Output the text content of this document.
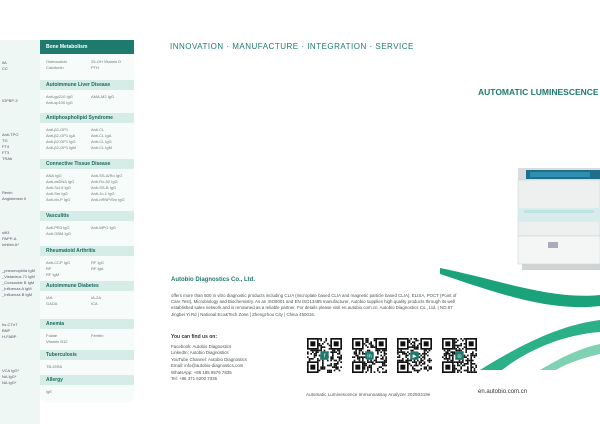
lIA
CC
IGFBP-3
Anti-TPO
TG
FT4
FT3
TRAb
Renin
Angiotensin II
ulfi3
PAPP-A
Inhibin A*
_pneumophila IgM
_Vistavirus 71 IgM
_Coxsackie B IgM
_Influenza A IgM
_Influenza B IgM
hs-CTnT
BNP
H-FABP
VCA IgG*
NA IgG*
NA IgG*
Bone Metabolism
Osteocalcin	25-OH Vitamin D
Calcitonin	PTH
Autoimmune Liver Disease
Anti-gp210 IgG	AMA-M2 IgG
Anti-sp100 IgG
Antiphospholipid Syndrome
Anti-β2-GP1	Anti-CL
Anti-β2-GP1 IgA	Anti-CL IgA
Anti-β2-GP1 IgG	Anti-CL IgG
Anti-β2-GP1 IgM	Anti-CL IgM
Connective Tissue Disease
ANA IgG	Anti-SS-A/Ro IgG
Anti-dsDNA IgG	Anti-Ro-52 IgG
Anti-Scl-9 IgG	Anti-SS-B IgG
Anti-Sm IgG	Anti-Jo-1 IgG
Anti-rib-P IgG	Anti-nRNP/Sm IgG
Vasculitis
Anti-PR3 IgG	Anti-MPO IgG
Anti-GBM IgG
Rheumatoid Arthritis
Anti-CCP IgG	RF IgG
RF	RF IgA
RF IgM
Autoimmune Diabetes
IAA	IA-2A
GADA	ICA
Anemia
Folate	Ferritin
Vitamin B12
Tuberculosis
TB-IGRA
Allergy
IgE
INNOVATION · MANUFACTURE · INTEGRATION · SERVICE
AUTOMATIC LUMINESCENCE
Autobio Diagnostics Co., Ltd.
offers more than 600 in vitro diagnostic products including CLIA (microplate based CLIA and magnetic particle based CLIA), ELISA, POCT (Point of Care Test), Microbiology and Biochemistry. As an ISO9001 and EN ISO13485 manufacturer, Autobio supplies high quality products through its well established sales network and is renowned as a reliable partner. For details please visit en.autobio.com.cn. Autobio Diagnostics Co., Ltd. | NO.87 Jingbei Yi Rd | National Eco&Tech Zone | Zhengzhou City | China 450016.
You can find us on:
Facebook: Autobio Diagnostics
LinkedIn: Autobio Diagnostics
YouTube Channel: Autobio Diagnostics
Email: info@autobio-diagnostics.com
WhatsApp: +86 185 9576 7835
Tel: +86 371 6200 7036
f	in	▶	◎
Automatic Luminescence Immunoassay Analyzer 20250319e	en.autobio.com.cn
